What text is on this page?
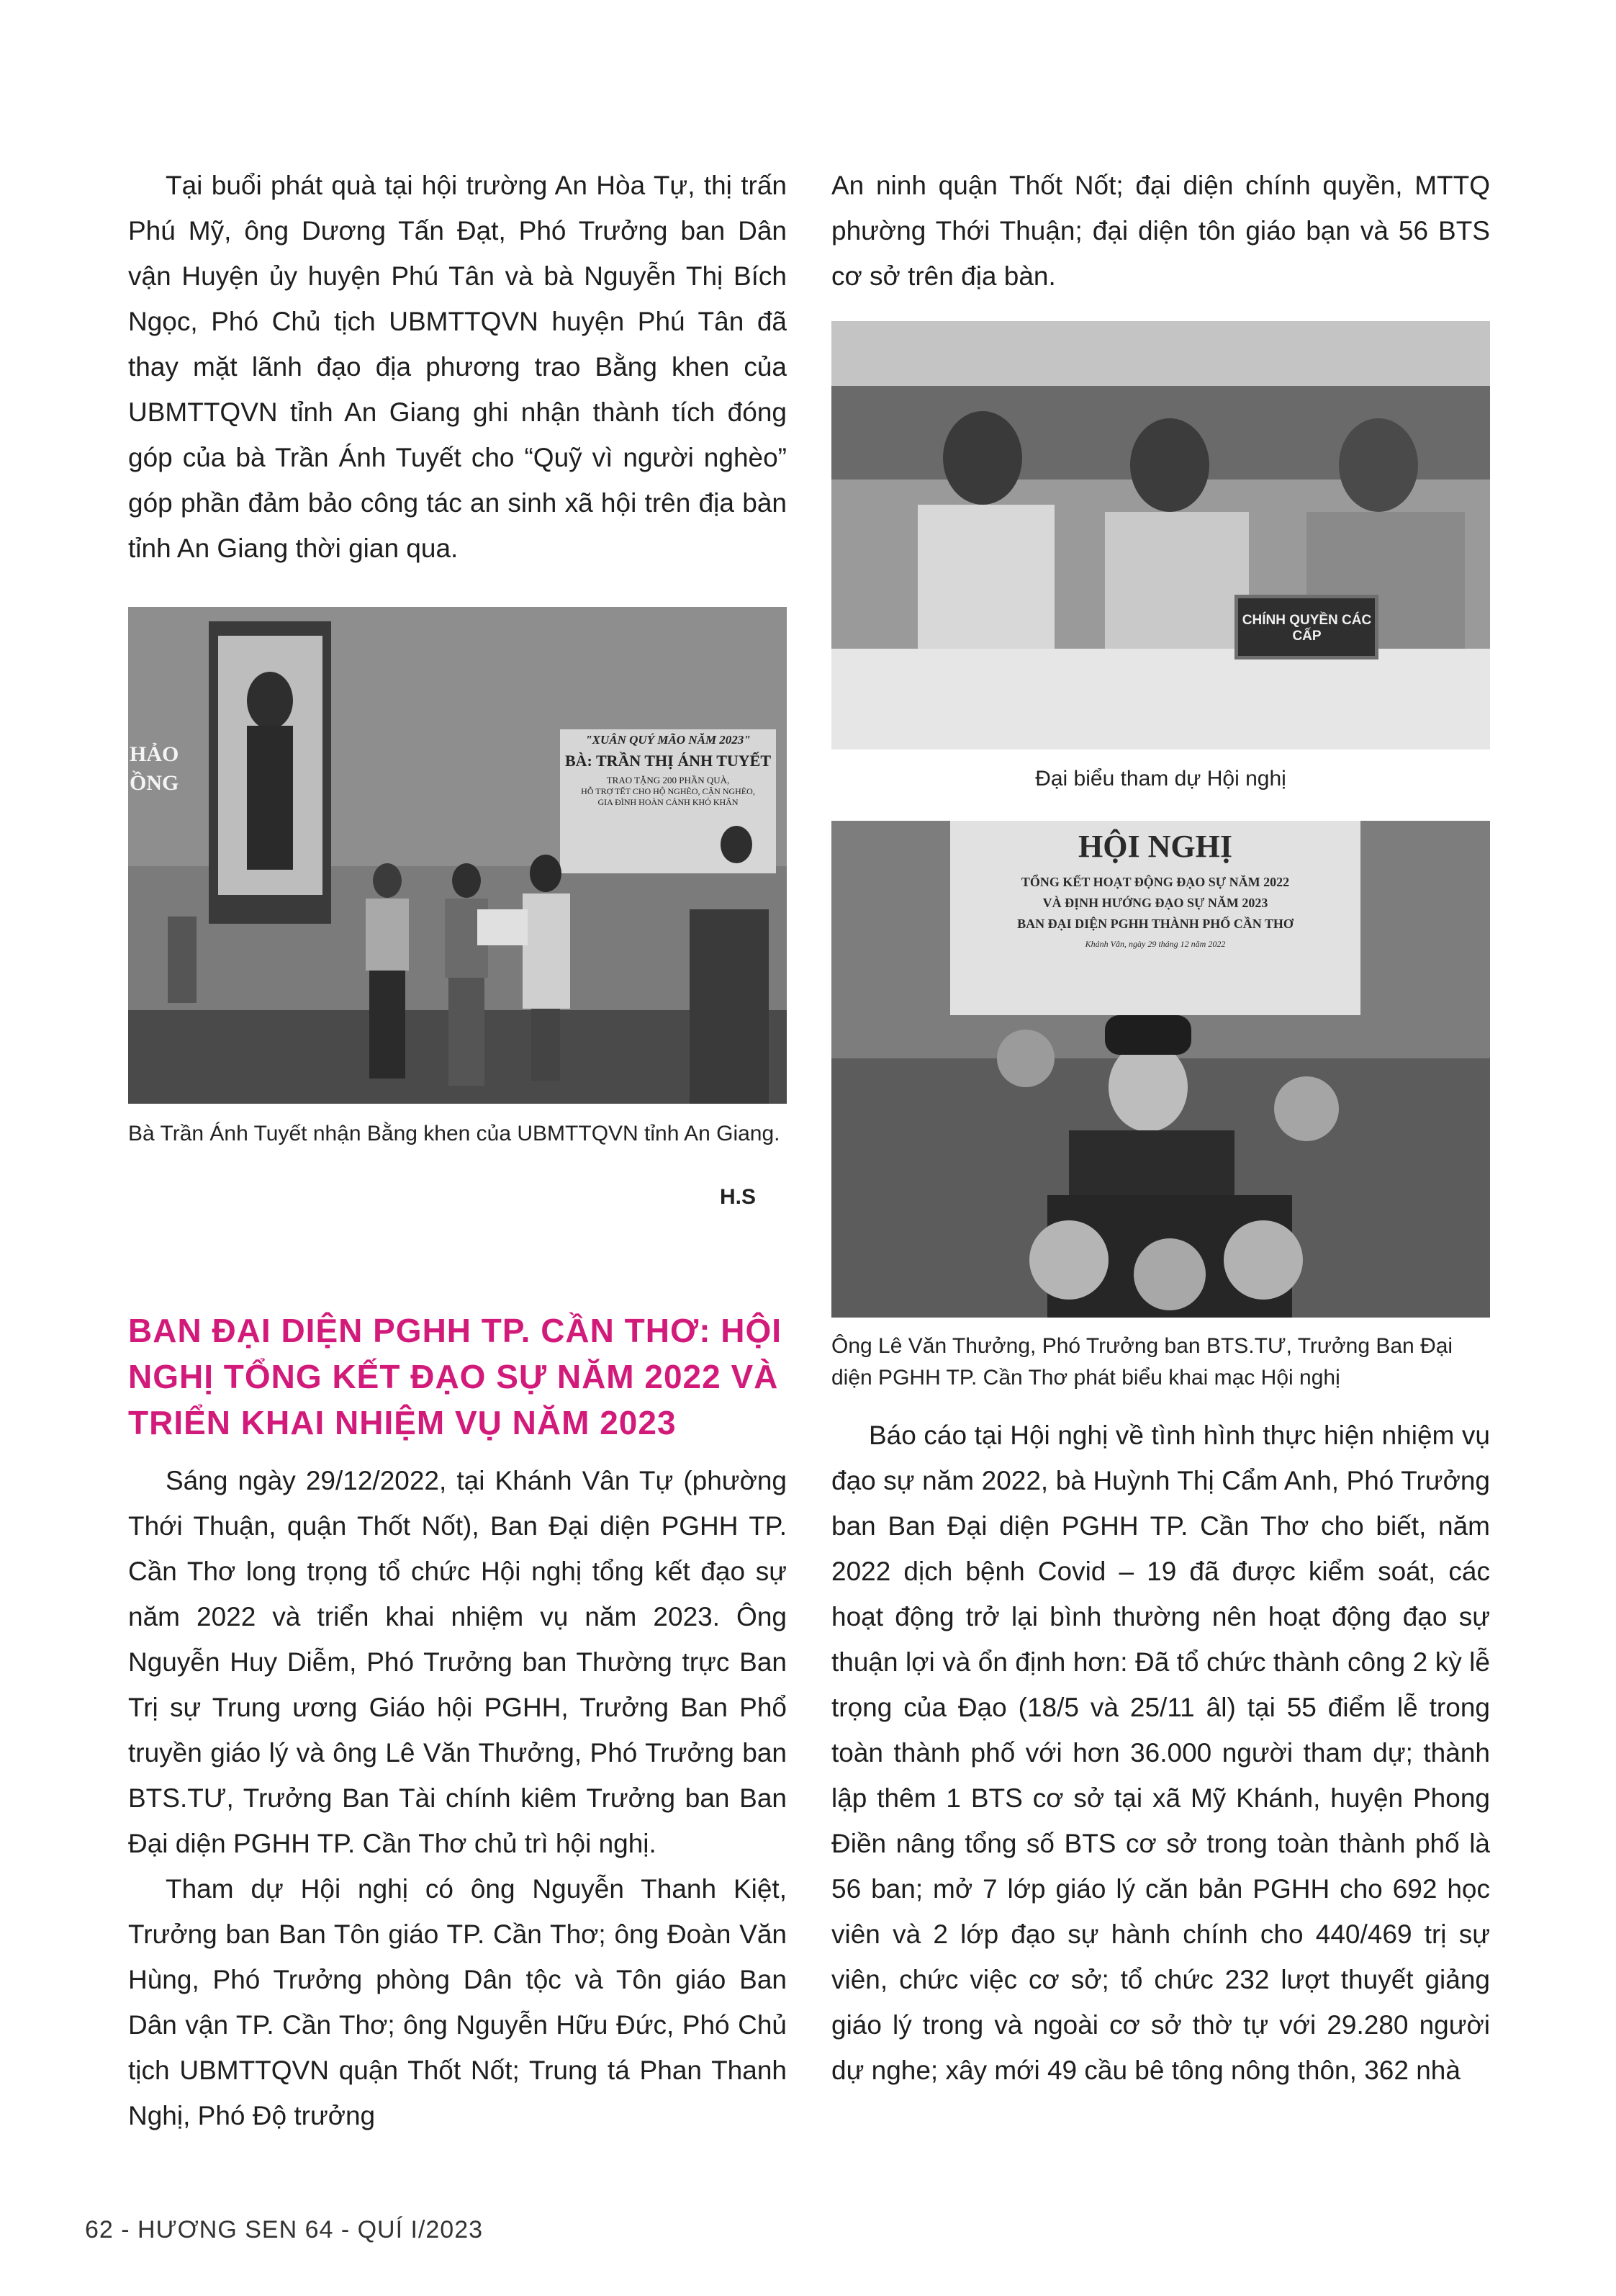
Tại buổi phát quà tại hội trường An Hòa Tự, thị trấn Phú Mỹ, ông Dương Tấn Đạt, Phó Trưởng ban Dân vận Huyện ủy huyện Phú Tân và bà Nguyễn Thị Bích Ngọc, Phó Chủ tịch UBMTTQVN huyện Phú Tân đã thay mặt lãnh đạo địa phương trao Bằng khen của UBMTTQVN tỉnh An Giang ghi nhận thành tích đóng góp của bà Trần Ánh Tuyết cho “Quỹ vì người nghèo” góp phần đảm bảo công tác an sinh xã hội trên địa bàn tỉnh An Giang thời gian qua.

"XUÂN QUÝ MÃO NĂM 2023"
BÀ: TRẦN THỊ ÁNH TUYẾT
TRAO TẶNG 200 PHẦN QUÀ,
HỖ TRỢ TẾT CHO HỘ NGHÈO, CẬN NGHÈO,
GIA ĐÌNH HOÀN CẢNH KHÓ KHĂN
HẢO
ỒNG

Bà Trần Ánh Tuyết nhận Bằng khen của UBMTTQVN tỉnh An Giang.

H.S
BAN ĐẠI DIỆN PGHH TP. CẦN THƠ: HỘI NGHỊ TỔNG KẾT ĐẠO SỰ NĂM 2022 VÀ TRIỂN KHAI NHIỆM VỤ NĂM 2023

Sáng ngày 29/12/2022, tại Khánh Vân Tự (phường Thới Thuận, quận Thốt Nốt), Ban Đại diện PGHH TP. Cần Thơ long trọng tổ chức Hội nghị tổng kết đạo sự năm 2022 và triển khai nhiệm vụ năm 2023. Ông Nguyễn Huy Diễm, Phó Trưởng ban Thường trực Ban Trị sự Trung ương Giáo hội PGHH, Trưởng Ban Phổ truyền giáo lý và ông Lê Văn Thưởng, Phó Trưởng ban BTS.TƯ, Trưởng Ban Tài chính kiêm Trưởng ban Ban Đại diện PGHH TP. Cần Thơ chủ trì hội nghị.

Tham dự Hội nghị có ông Nguyễn Thanh Kiệt, Trưởng ban Ban Tôn giáo TP. Cần Thơ; ông Đoàn Văn Hùng, Phó Trưởng phòng Dân tộc và Tôn giáo Ban Dân vận TP. Cần Thơ; ông Nguyễn Hữu Đức, Phó Chủ tịch UBMTTQVN quận Thốt Nốt; Trung tá Phan Thanh Nghị, Phó Độ trưởng

An ninh quận Thốt Nốt; đại diện chính quyền, MTTQ phường Thới Thuận; đại diện tôn giáo bạn và 56 BTS cơ sở trên địa bàn.

CHÍNH QUYỀN CÁC CẤP

Đại biểu tham dự Hội nghị

HỘI NGHỊ
TỔNG KẾT HOẠT ĐỘNG ĐẠO SỰ NĂM 2022
VÀ ĐỊNH HƯỚNG ĐẠO SỰ NĂM 2023
BAN ĐẠI DIỆN PGHH THÀNH PHỐ CẦN THƠ
Khánh Vân, ngày 29 tháng 12 năm 2022

Ông Lê Văn Thưởng, Phó Trưởng ban BTS.TƯ, Trưởng Ban Đại diện PGHH TP. Cần Thơ phát biểu khai mạc Hội nghị

Báo cáo tại Hội nghị về tình hình thực hiện nhiệm vụ đạo sự năm 2022, bà Huỳnh Thị Cẩm Anh, Phó Trưởng ban Ban Đại diện PGHH TP. Cần Thơ cho biết, năm 2022 dịch bệnh Covid – 19 đã được kiểm soát, các hoạt động trở lại bình thường nên hoạt động đạo sự thuận lợi và ổn định hơn: Đã tổ chức thành công 2 kỳ lễ trọng của Đạo (18/5 và 25/11 âl) tại 55 điểm lễ trong toàn thành phố với hơn 36.000 người tham dự; thành lập thêm 1 BTS cơ sở tại xã Mỹ Khánh, huyện Phong Điền nâng tổng số BTS cơ sở trong toàn thành phố là 56 ban; mở 7 lớp giáo lý căn bản PGHH cho 692 học viên và 2 lớp đạo sự hành chính cho 440/469 trị sự viên, chức việc cơ sở; tổ chức 232 lượt thuyết giảng giáo lý trong và ngoài cơ sở thờ tự với 29.280 người dự nghe; xây mới 49 cầu bê tông nông thôn, 362 nhà

62 - HƯƠNG SEN 64 - QUÍ I/2023
